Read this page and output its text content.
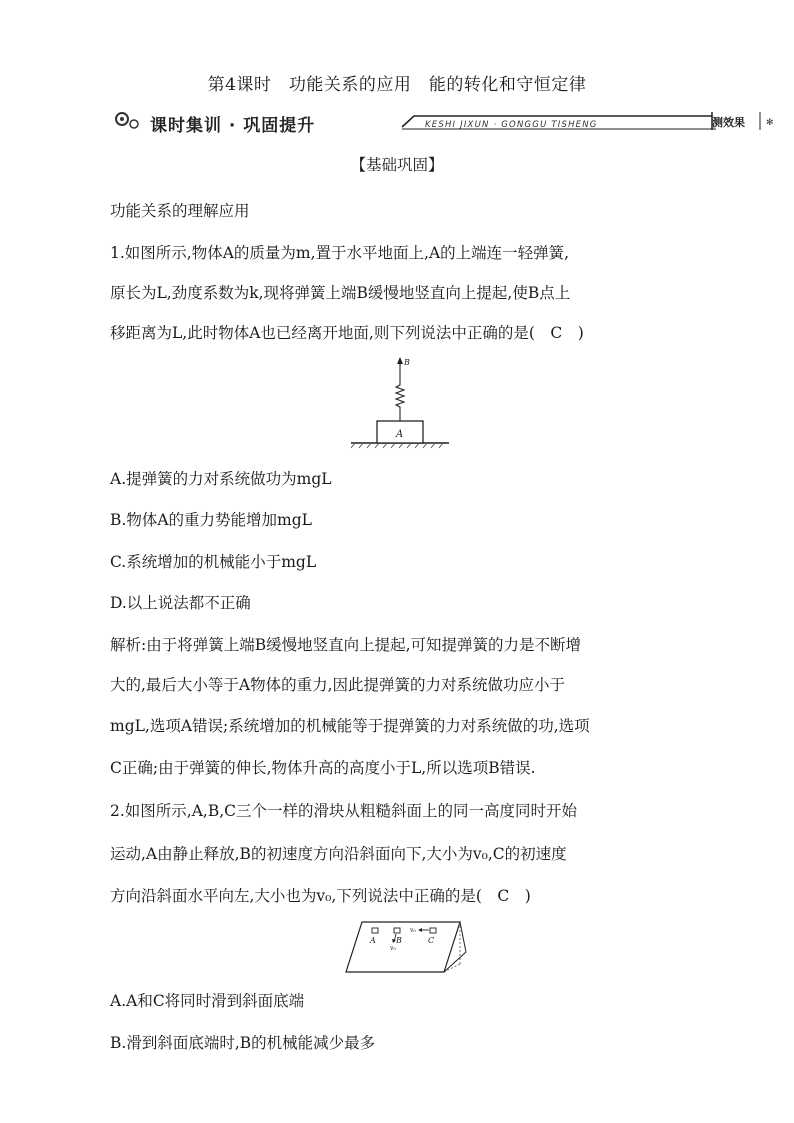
第4课时　功能关系的应用　能的转化和守恒定律
✻
课时集训 · 巩固提升	KESHI JIXUN · GONGGU TISHENG	测效果
【基础巩固】
功能关系的理解应用
1.如图所示,物体A的质量为m,置于水平地面上,A的上端连一轻弹簧,
原长为L,劲度系数为k,现将弹簧上端B缓慢地竖直向上提起,使B点上
移距离为L,此时物体A也已经离开地面,则下列说法中正确的是(　C　)
A
B
A.提弹簧的力对系统做功为mgL
B.物体A的重力势能增加mgL
C.系统增加的机械能小于mgL
D.以上说法都不正确
解析:由于将弹簧上端B缓慢地竖直向上提起,可知提弹簧的力是不断增
大的,最后大小等于A物体的重力,因此提弹簧的力对系统做功应小于
mgL,选项A错误;系统增加的机械能等于提弹簧的力对系统做的功,选项
C正确;由于弹簧的伸长,物体升高的高度小于L,所以选项B错误.
2.如图所示,A,B,C三个一样的滑块从粗糙斜面上的同一高度同时开始
运动,A由静止释放,B的初速度方向沿斜面向下,大小为v₀,C的初速度
方向沿斜面水平向左,大小也为v₀,下列说法中正确的是(　C　)
A	B	C
v₀
v₀
A.A和C将同时滑到斜面底端
B.滑到斜面底端时,B的机械能减少最多
